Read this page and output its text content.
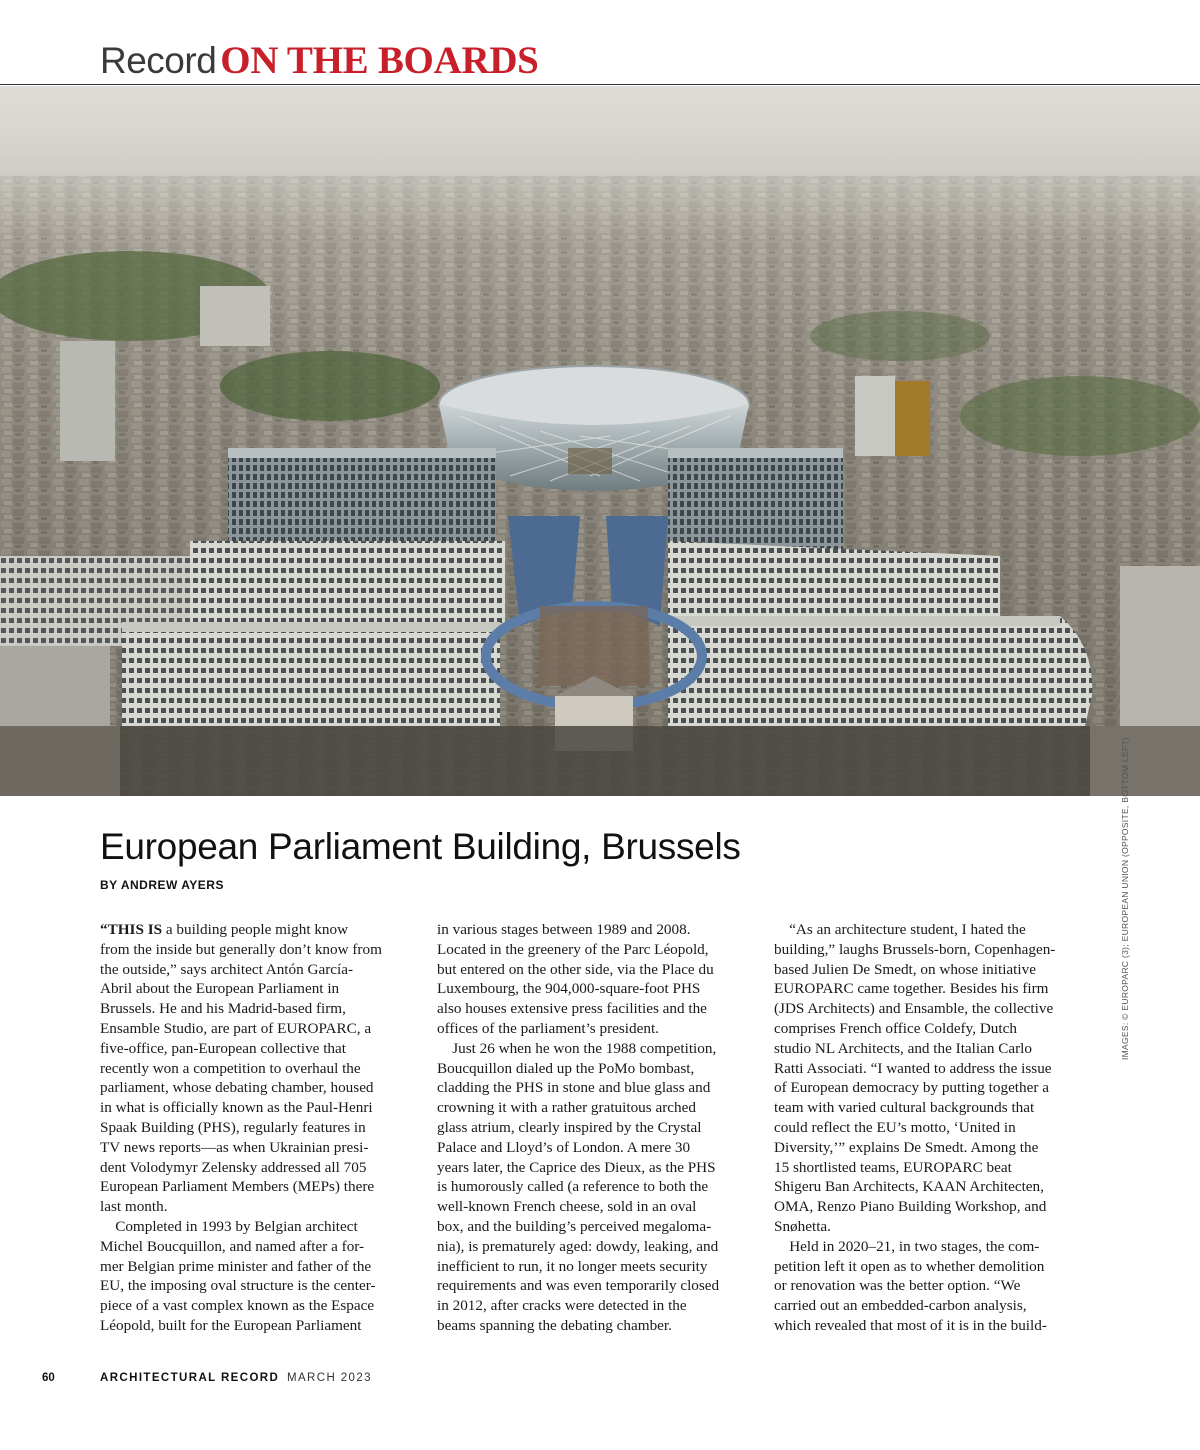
Record ON THE BOARDS
European Parliament Building, Brussels
BY ANDREW AYERS
“THIS IS a building people might know
from the inside but generally don’t know from
the outside,” says architect Antón García-
Abril about the European Parliament in
Brussels. He and his Madrid-based firm,
Ensamble Studio, are part of EUROPARC, a
five-office, pan-European collective that
recently won a competition to overhaul the
parliament, whose debating chamber, housed
in what is officially known as the Paul-Henri
Spaak Building (PHS), regularly features in
TV news reports—as when Ukrainian presi-
dent Volodymyr Zelensky addressed all 705
European Parliament Members (MEPs) there
last month.
Completed in 1993 by Belgian architect
Michel Boucquillon, and named after a for-
mer Belgian prime minister and father of the
EU, the imposing oval structure is the center-
piece of a vast complex known as the Espace
Léopold, built for the European Parliament
in various stages between 1989 and 2008.
Located in the greenery of the Parc Léopold,
but entered on the other side, via the Place du
Luxembourg, the 904,000-square-foot PHS
also houses extensive press facilities and the
offices of the parliament’s president.
Just 26 when he won the 1988 competition,
Boucquillon dialed up the PoMo bombast,
cladding the PHS in stone and blue glass and
crowning it with a rather gratuitous arched
glass atrium, clearly inspired by the Crystal
Palace and Lloyd’s of London. A mere 30
years later, the Caprice des Dieux, as the PHS
is humorously called (a reference to both the
well-known French cheese, sold in an oval
box, and the building’s perceived megaloma-
nia), is prematurely aged: dowdy, leaking, and
inefficient to run, it no longer meets security
requirements and was even temporarily closed
in 2012, after cracks were detected in the
beams spanning the debating chamber.
“As an architecture student, I hated the
building,” laughs Brussels-born, Copenhagen-
based Julien De Smedt, on whose initiative
EUROPARC came together. Besides his firm
(JDS Architects) and Ensamble, the collective
comprises French office Coldefy, Dutch
studio NL Architects, and the Italian Carlo
Ratti Associati. “I wanted to address the issue
of European democracy by putting together a
team with varied cultural backgrounds that
could reflect the EU’s motto, ‘United in
Diversity,’” explains De Smedt. Among the
15 shortlisted teams, EUROPARC beat
Shigeru Ban Architects, KAAN Architecten,
OMA, Renzo Piano Building Workshop, and
Snøhetta.
Held in 2020–21, in two stages, the com-
petition left it open as to whether demolition
or renovation was the better option. “We
carried out an embedded-carbon analysis,
which revealed that most of it is in the build-
IMAGES: © EUROPARC (3); EUROPEAN UNION (OPPOSITE, BOTTOM LEFT)
60	ARCHITECTURAL RECORD MARCH 2023
